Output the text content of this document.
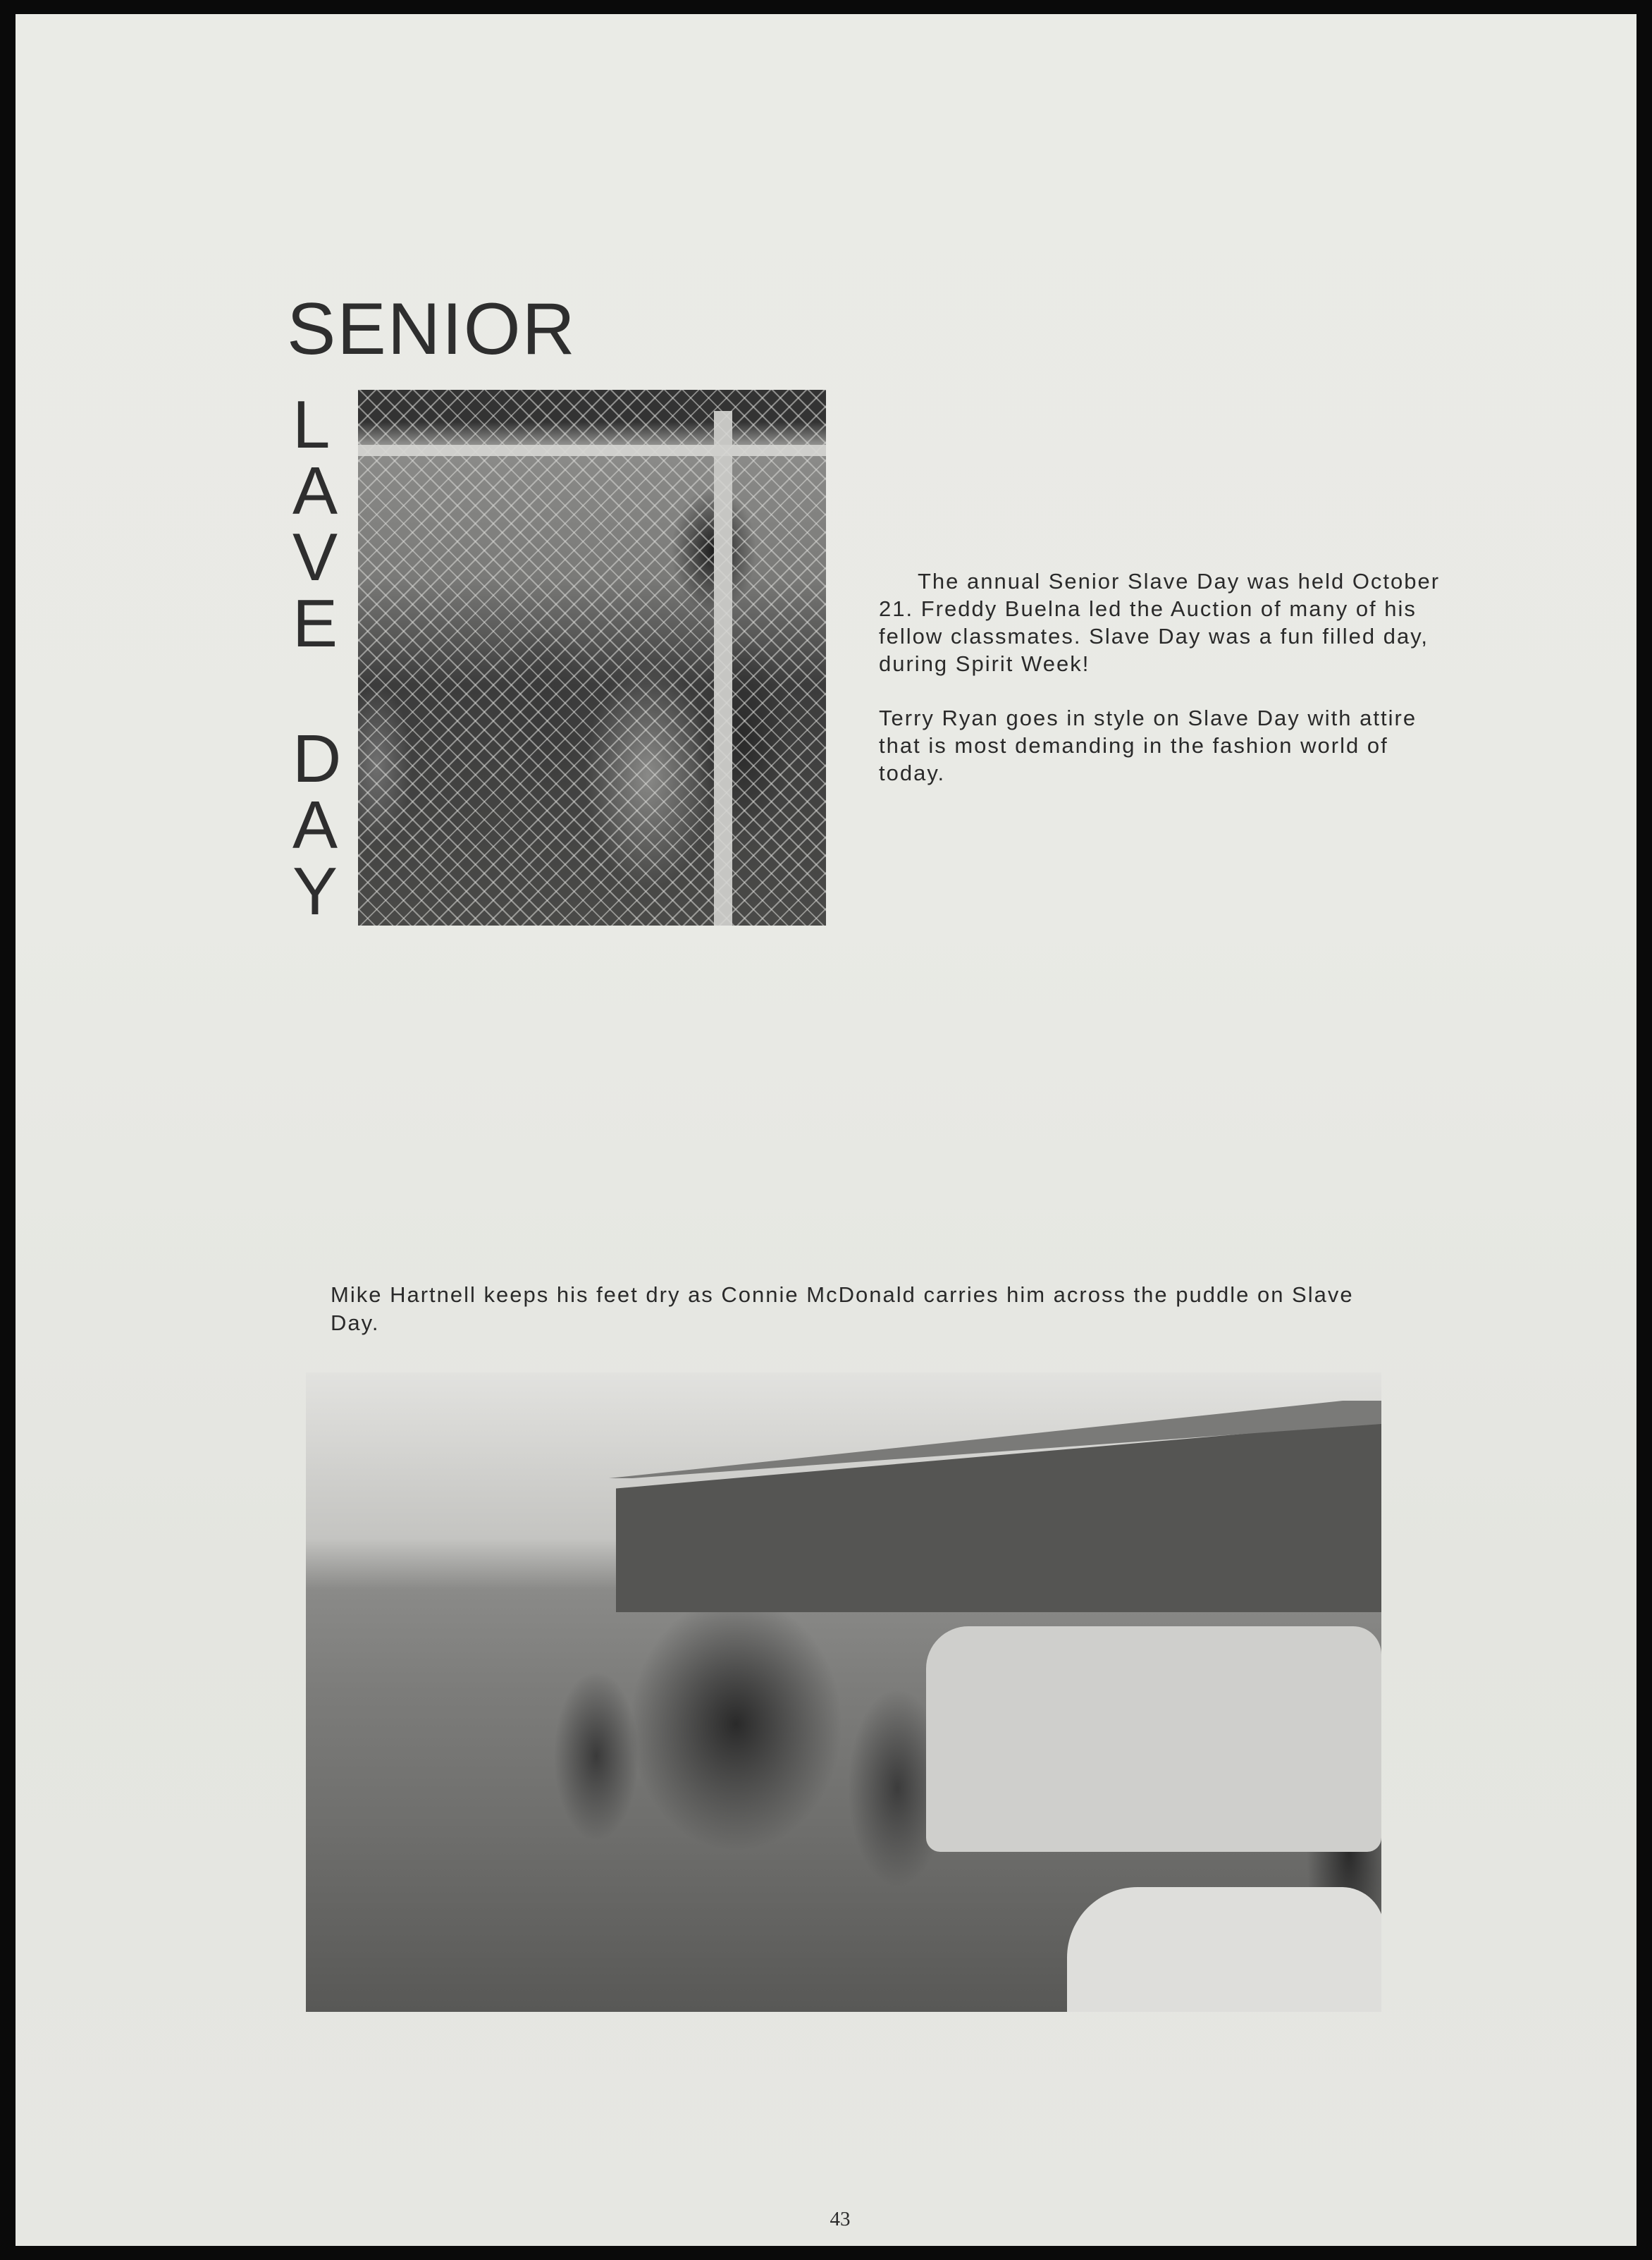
SENIOR
L
A
V
E
D
A
Y

The annual Senior Slave Day was held October 21. Freddy Buelna led the Auction of many of his fellow classmates. Slave Day was a fun filled day, during Spirit Week!

Terry Ryan goes in style on Slave Day with attire that is most demanding in the fashion world of today.

Mike Hartnell keeps his feet dry as Connie McDonald carries him across the puddle on Slave Day.
43
